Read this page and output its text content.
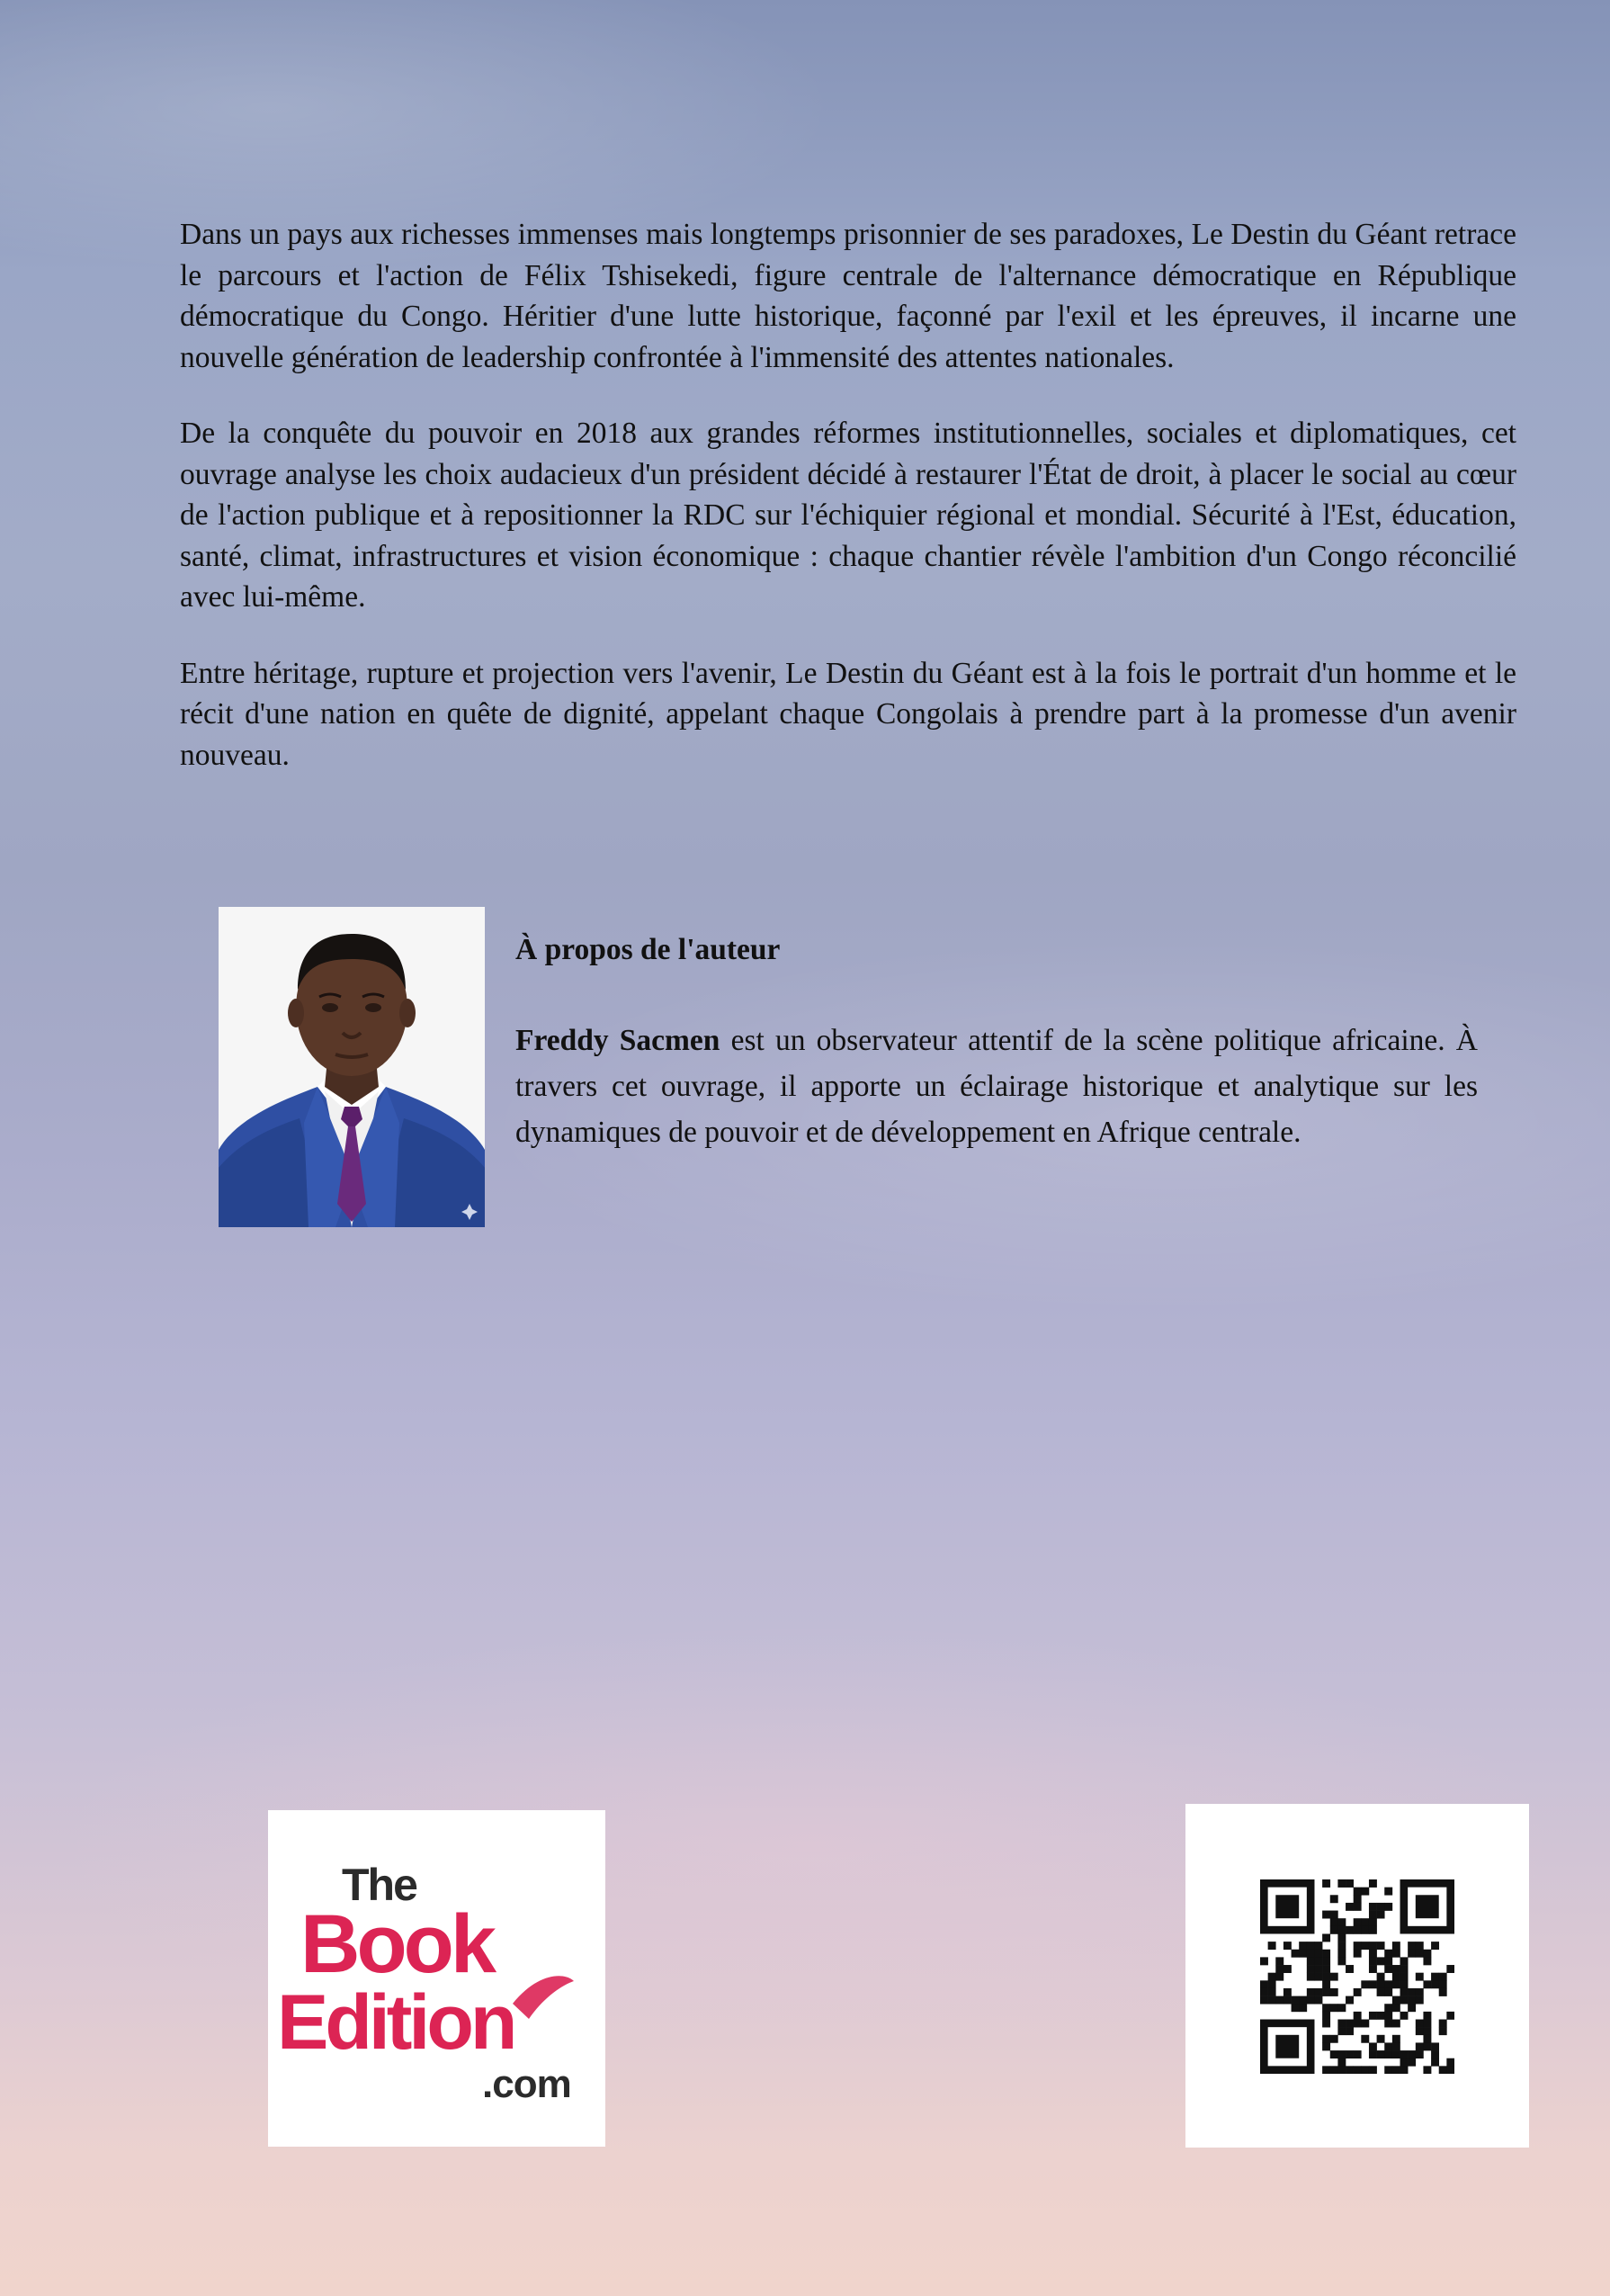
Dans un pays aux richesses immenses mais longtemps prisonnier de ses paradoxes, Le Destin du Géant retrace le parcours et l'action de Félix Tshisekedi, figure centrale de l'alternance démocratique en République démocratique du Congo. Héritier d'une lutte historique, façonné par l'exil et les épreuves, il incarne une nouvelle génération de leadership confrontée à l'immensité des attentes nationales.

De la conquête du pouvoir en 2018 aux grandes réformes institutionnelles, sociales et diplomatiques, cet ouvrage analyse les choix audacieux d'un président décidé à restaurer l'État de droit, à placer le social au cœur de l'action publique et à repositionner la RDC sur l'échiquier régional et mondial. Sécurité à l'Est, éducation, santé, climat, infrastructures et vision économique : chaque chantier révèle l'ambition d'un Congo réconcilié avec lui-même.

Entre héritage, rupture et projection vers l'avenir, Le Destin du Géant est à la fois le portrait d'un homme et le récit d'une nation en quête de dignité, appelant chaque Congolais à prendre part à la promesse d'un avenir nouveau.

À propos de l'auteur

Freddy Sacmen est un observateur attentif de la scène politique africaine. À travers cet ouvrage, il apporte un éclairage historique et analytique sur les dynamiques de pouvoir et de développement en Afrique centrale.

The
Book
Edition
.com
